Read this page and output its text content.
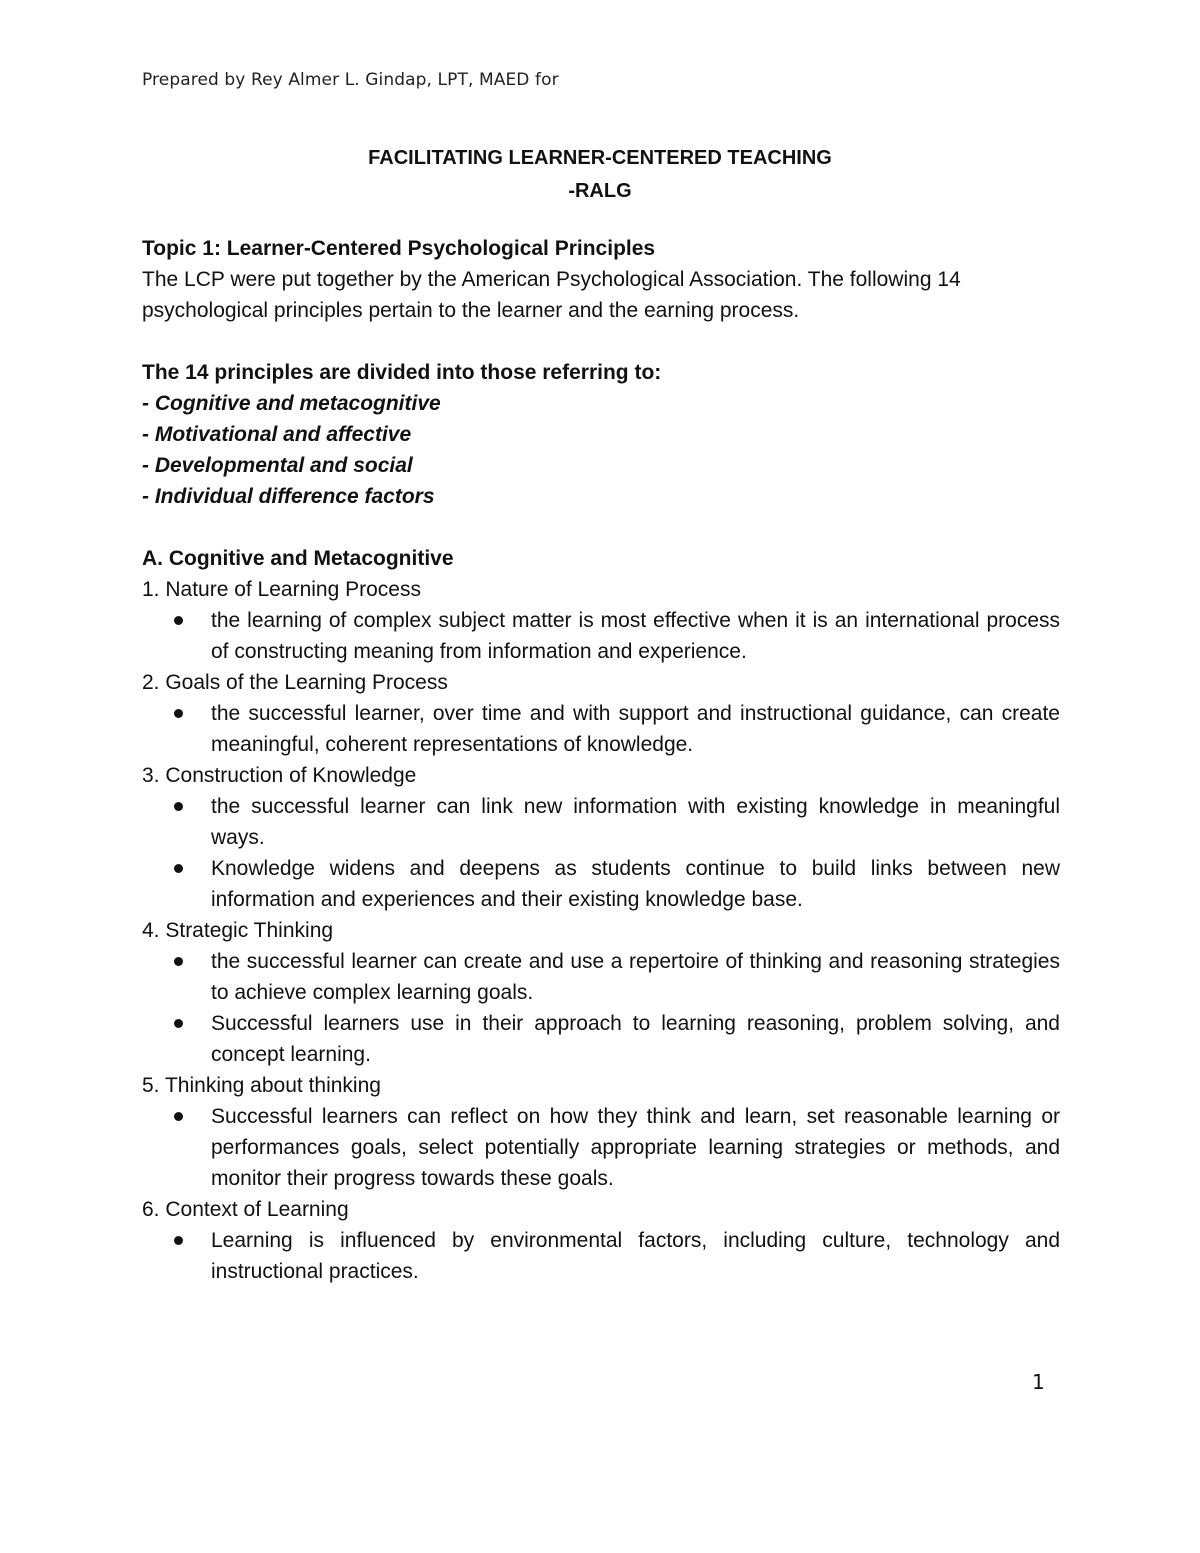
Prepared by Rey Almer L. Gindap, LPT, MAED for
FACILITATING LEARNER-CENTERED TEACHING
-RALG

Topic 1: Learner-Centered Psychological Principles

The LCP were put together by the American Psychological Association. The following 14 psychological principles pertain to the learner and the earning process.

The 14 principles are divided into those referring to:

- Cognitive and metacognitive

- Motivational and affective

- Developmental and social

- Individual difference factors

A. Cognitive and Metacognitive

1. Nature of Learning Process

the learning of complex subject matter is most effective when it is an international process of constructing meaning from information and experience.

2. Goals of the Learning Process

the successful learner, over time and with support and instructional guidance, can create meaningful, coherent representations of knowledge.

3. Construction of Knowledge

the successful learner can link new information with existing knowledge in meaningful ways.
Knowledge widens and deepens as students continue to build links between new information and experiences and their existing knowledge base.

4. Strategic Thinking

the successful learner can create and use a repertoire of thinking and reasoning strategies to achieve complex learning goals.
Successful learners use in their approach to learning reasoning, problem solving, and concept learning.

5. Thinking about thinking

Successful learners can reflect on how they think and learn, set reasonable learning or performances goals, select potentially appropriate learning strategies or methods, and monitor their progress towards these goals.

6. Context of Learning

Learning is influenced by environmental factors, including culture, technology and instructional practices.
1
